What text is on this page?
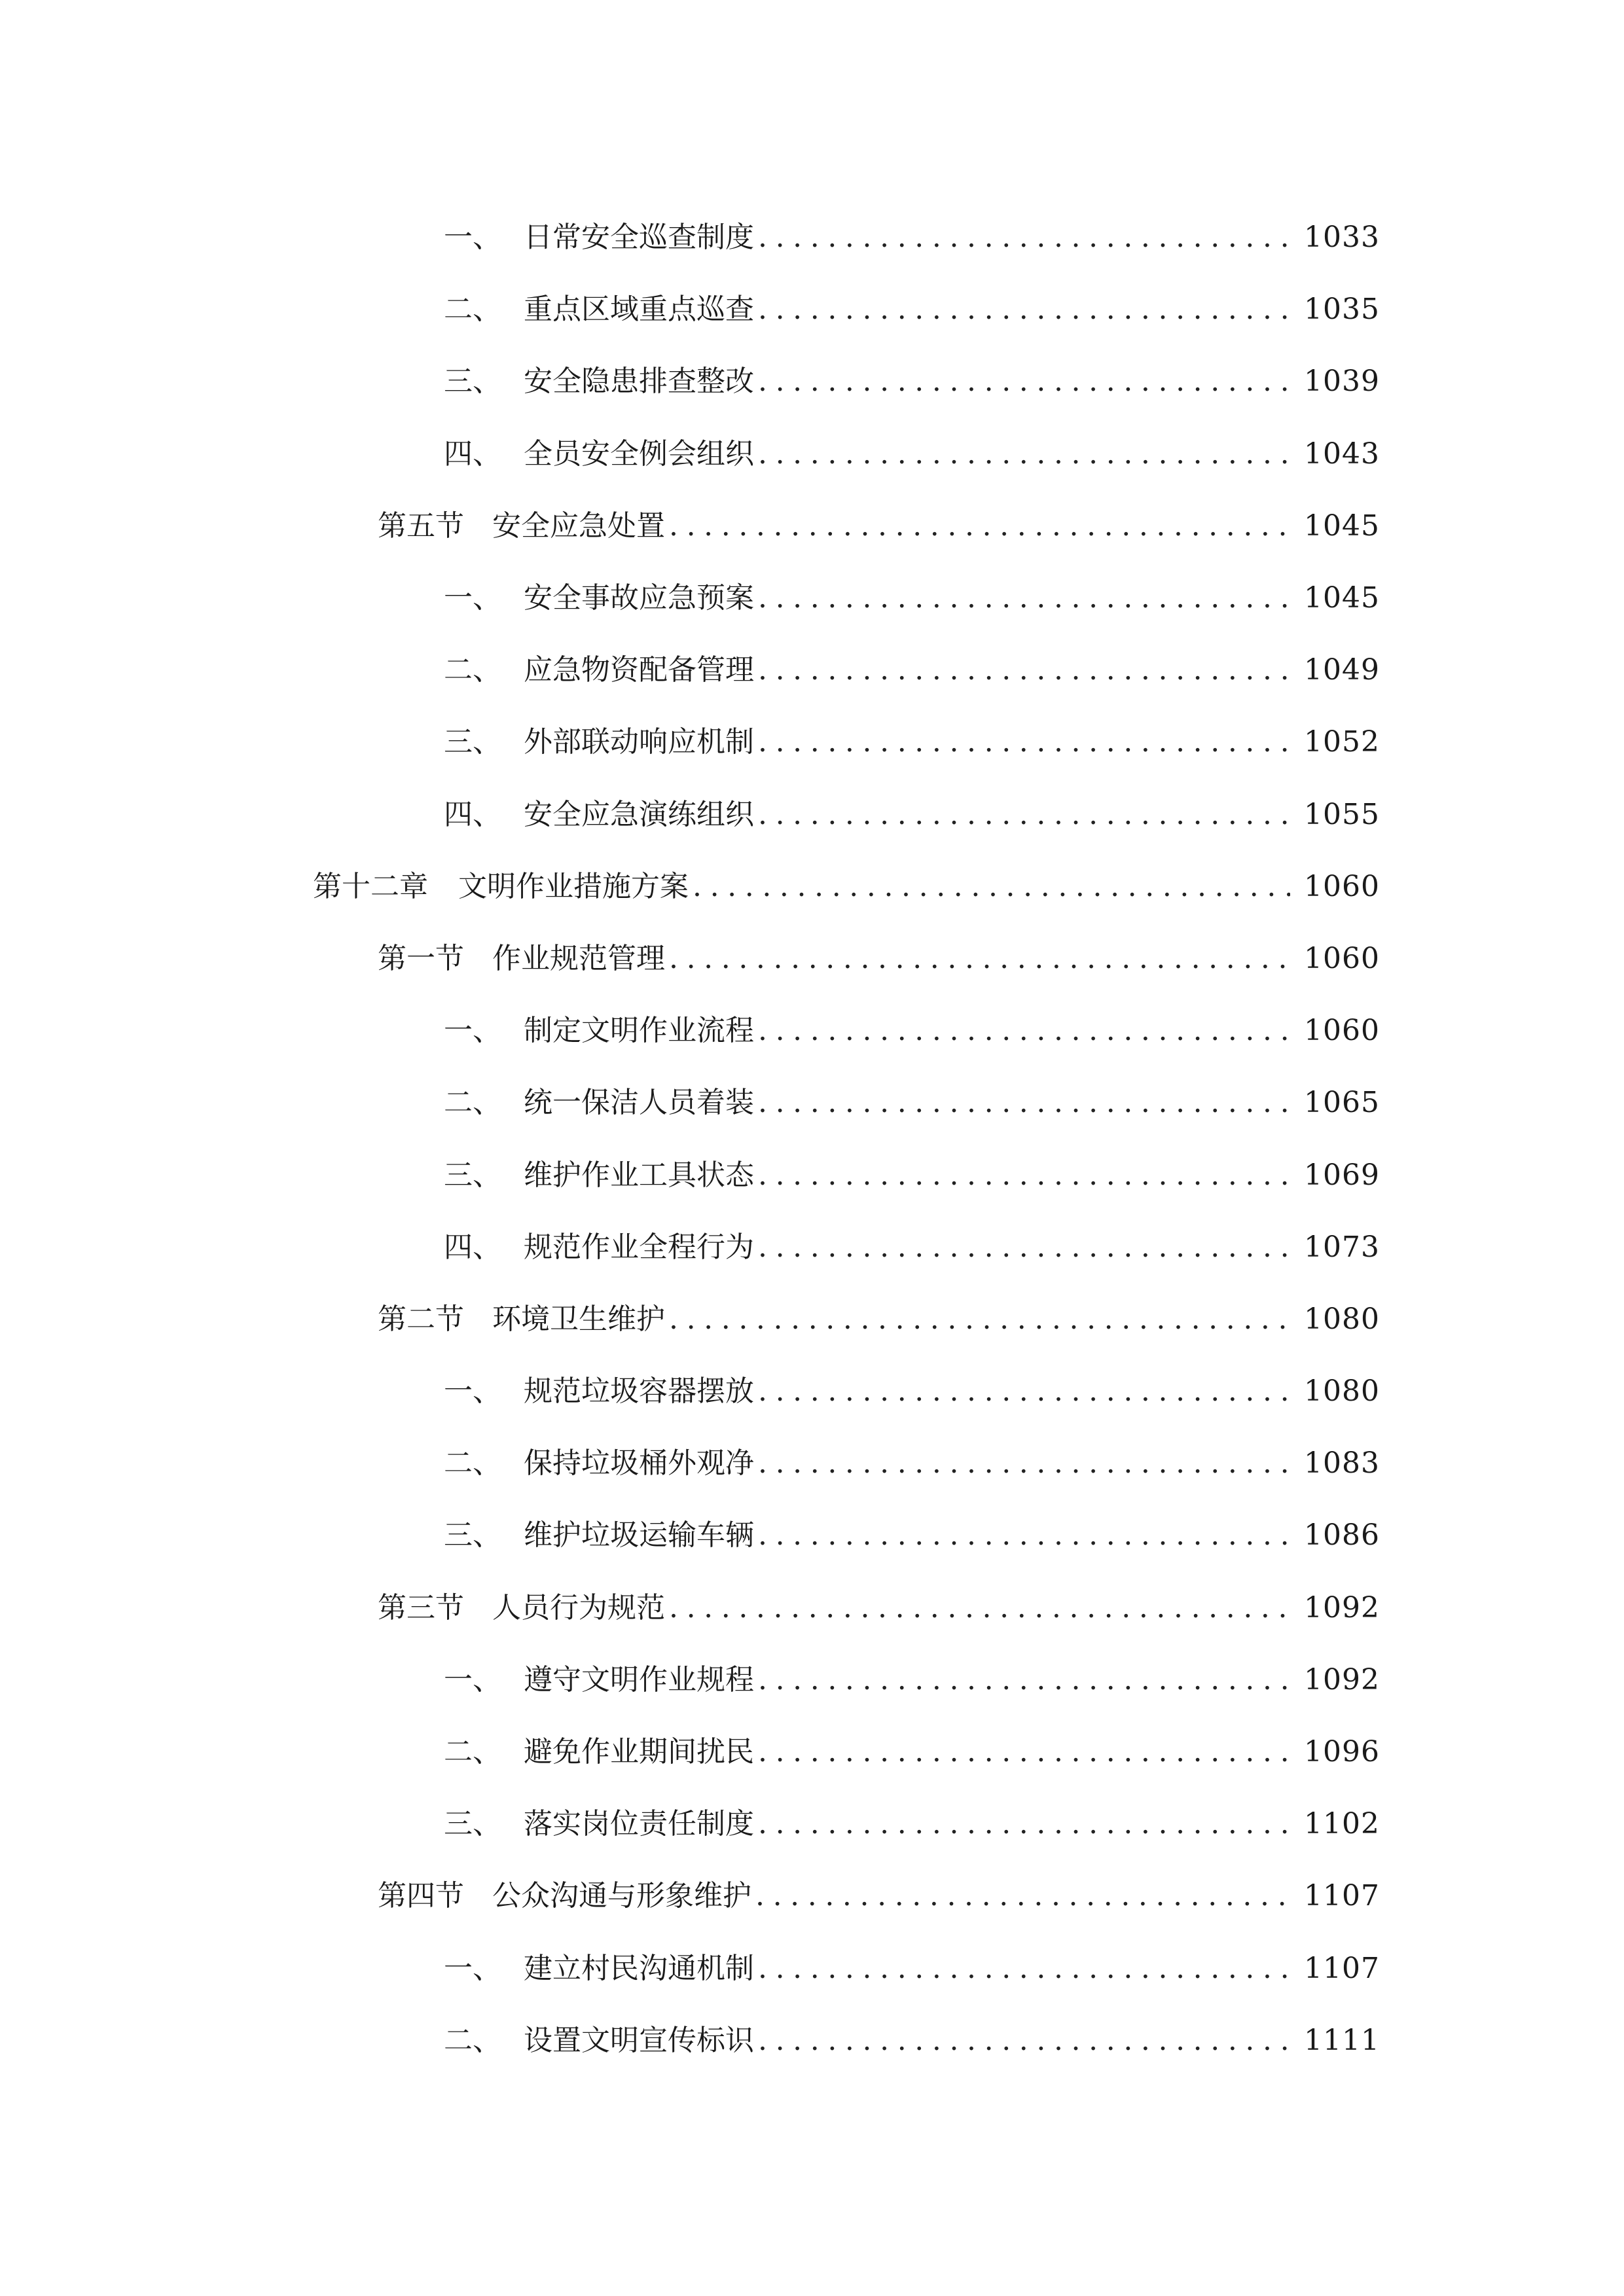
一、 日常安全巡查制度 .....	1033
二、 重点区域重点巡查 .....	1035
三、 安全隐患排查整改 .....	1039
四、 全员安全例会组织 .....	1043
第五节 安全应急处置 .....	1045
一、 安全事故应急预案 .....	1045
二、 应急物资配备管理 .....	1049
三、 外部联动响应机制 .....	1052
四、 安全应急演练组织 .....	1055
第十二章 文明作业措施方案 .....	1060
第一节 作业规范管理 .....	1060
一、 制定文明作业流程 .....	1060
二、 统一保洁人员着装 .....	1065
三、 维护作业工具状态 .....	1069
四、 规范作业全程行为 .....	1073
第二节 环境卫生维护 .....	1080
一、 规范垃圾容器摆放 .....	1080
二、 保持垃圾桶外观净 .....	1083
三、 维护垃圾运输车辆 .....	1086
第三节 人员行为规范 .....	1092
一、 遵守文明作业规程 .....	1092
二、 避免作业期间扰民 .....	1096
三、 落实岗位责任制度 .....	1102
第四节 公众沟通与形象维护 .....	1107
一、 建立村民沟通机制 .....	1107
二、 设置文明宣传标识 .....	1111
